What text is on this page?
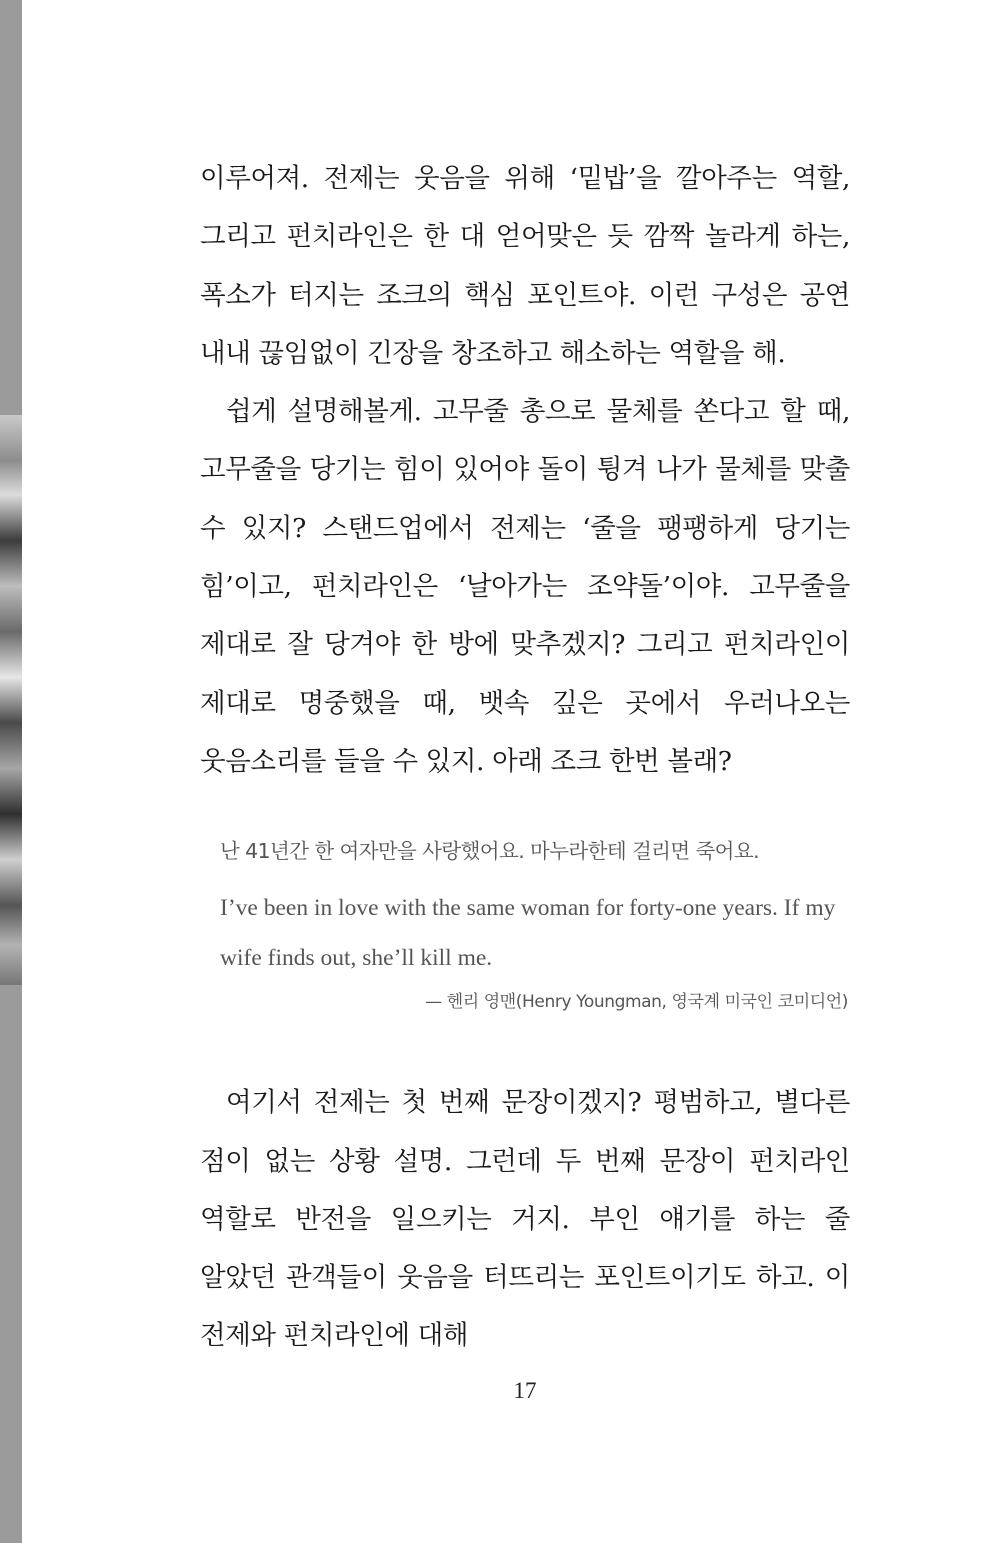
이루어져. 전제는 웃음을 위해 ‘밑밥’을 깔아주는 역할, 그리고 펀치라인은 한 대 얻어맞은 듯 깜짝 놀라게 하는, 폭소가 터지는 조크의 핵심 포인트야. 이런 구성은 공연 내내 끊임없이 긴장을 창조하고 해소하는 역할을 해.

쉽게 설명해볼게. 고무줄 총으로 물체를 쏜다고 할 때, 고무줄을 당기는 힘이 있어야 돌이 튕겨 나가 물체를 맞출 수 있지? 스탠드업에서 전제는 ‘줄을 팽팽하게 당기는 힘’이고, 펀치라인은 ‘날아가는 조약돌’이야. 고무줄을 제대로 잘 당겨야 한 방에 맞추겠지? 그리고 펀치라인이 제대로 명중했을 때, 뱃속 깊은 곳에서 우러나오는 웃음소리를 들을 수 있지. 아래 조크 한번 볼래?

난 41년간 한 여자만을 사랑했어요. 마누라한테 걸리면 죽어요.

I’ve been in love with the same woman for forty-one years. If my wife finds out, she’ll kill me.

— 헨리 영맨(Henry Youngman, 영국계 미국인 코미디언)

여기서 전제는 첫 번째 문장이겠지? 평범하고, 별다른 점이 없는 상황 설명. 그런데 두 번째 문장이 펀치라인 역할로 반전을 일으키는 거지. 부인 얘기를 하는 줄 알았던 관객들이 웃음을 터뜨리는 포인트이기도 하고. 이 전제와 펀치라인에 대해

17
